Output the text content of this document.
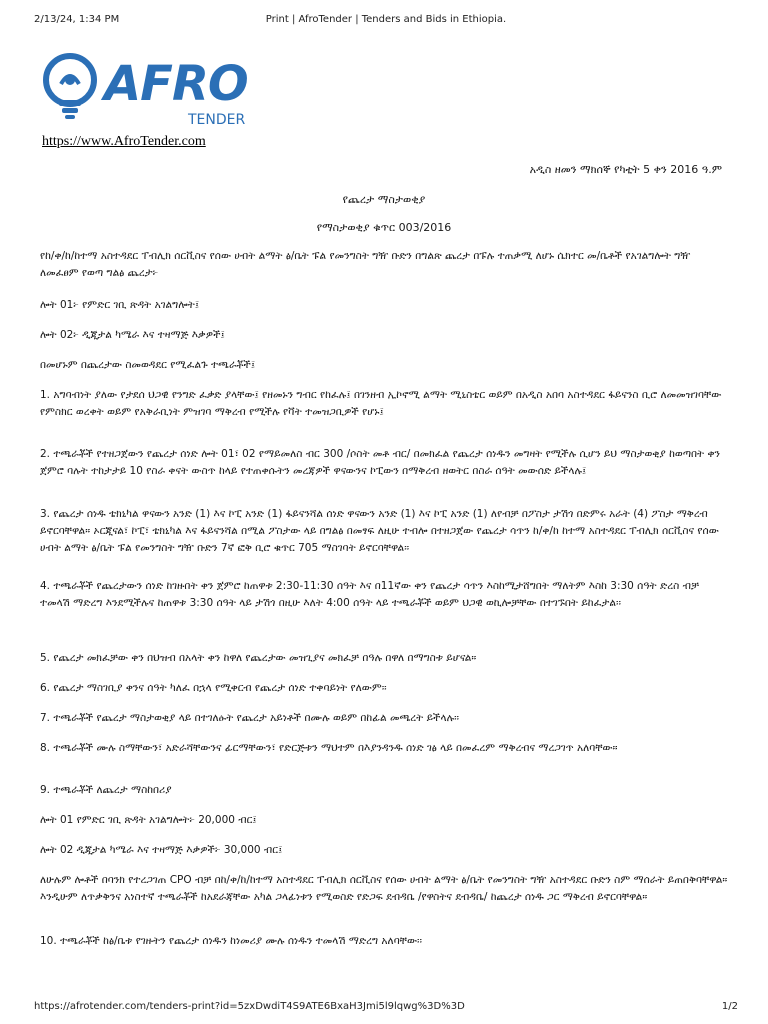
2/13/24, 1:34 PM	Print | AfroTender | Tenders and Bids in Ethiopia.
AFRO
TENDER
https://www.AfroTender.com
አዲስ ዘመን ማክሰኞ የካቲት 5 ቀን 2016 ዓ.ም
የጨረታ ማስታወቂያ
የማስታወቂያ ቁጥር 003/2016

የከ/ቀ/ከ/ከተማ አስተዳደር ፐብሊክ ሰርቪስና የሰው ሀብት ልማት ፅ/ቤት ፑል የመንግስት ግዥ ቡድን በግልጽ ጨረታ በፑሉ ተጠቃሚ ለሆኑ ሴክተር መ/ቤቶች የአገልግሎት ግዥ ለመፈፀም የወጣ ግልፅ ጨረታ፦

ሎት 01፦ የምድር ገቢ ጽዳት አገልግሎት፤

ሎት 02፦ ዲጂታል ካሜራ እና ተዛማጅ እቃዎች፤

በመሆኑም በጨረታው ስመወዳደር የሚፈልጉ ተጫራቾች፤

1. አግባብነት ያለው የታደሰ ህጋዊ የንግድ ፈቃድ ያላቸው፤ የዘመኑን ግብር የከፈሉ፤ በገንዘብ ኢኮኖሚ ልማት ሚኒስቴር ወይም በአዲስ አበባ አስተዳደር ፋይናንስ ቢሮ ለመመዝገባቸው የምስክር ወረቀት ወይም የአቅራቢነት ምዝገባ ማቅረብ የሚችሉ የቫት ተመዝጋቢዎች የሆኑ፤

2. ተጫራቾች የተዘጋጀውን የጨረታ ሰነድ ሎት 01፣ 02 የማይመለስ ብር 300 /ሶስት መቶ ብር/ በመክፈል የጨረታ ሰነዱን መግዛት የሚችሉ ሲሆን ይህ ማስታወቂያ ከወጣበት ቀን ጀምሮ ባሉት ተከታታይ 10 የስራ ቀናት ውስጥ ከላይ የተጠቀሱትን መረጃዎች ዋናውንና ኮፒውን በማቅረብ ዘወትር በስራ ሰዓት መውሰድ ይችላሉ፤

3. የጨረታ ሰነዱ ቴክኒካል ዋናውን አንድ (1) እና ኮፒ አንድ (1) ፋይናንሻል ሰነድ ዋናውን አንድ (1) እና ኮፒ አንድ (1) ለየብቻ በፖስታ ታሽጎ በድምሩ አራት (4) ፖስታ ማቅረብ ይኖርባቸዋል። ኦርጂናል፣ ኮፒ፣ ቴክኒካል እና ፋይናንሻል በሚል ፖስታው ላይ በግልፅ በመፃፍ ለዚሁ ተብሎ በተዘጋጀው የጨረታ ሳጥን ከ/ቀ/ከ ከተማ አስተዳደር ፐብሊክ ሰርቪስና የሰው ሀብት ልማት ፅ/ቤት ፑል የመንግስት ግዥ ቡድን 7ኛ ፎቅ ቢሮ ቁጥር 705 ማስገባት ይኖርባቸዋል፡፡

4. ተጫራቾች የጨረታውን ሰነድ ከገዙበት ቀን ጀምሮ ከጠዋቱ 2:30-11:30 ሰዓት እና በ11ኛው ቀን የጨረታ ሳጥን እስከሚታሸግበት ማለትም እስከ 3:30 ሰዓት ድረስ ብቻ ተመላሽ ማድረግ እንደሚችሉና ከጠዋቱ 3:30 ሰዓት ላይ ታሽጎ በዚሁ እለት 4:00 ሰዓት ላይ ተጫራቾች ወይም ህጋዊ ወኪሎቻቸው በተገኙበት ይከፈታል፡፡

5. የጨረታ መክፈቻው ቀን በህዝብ በአላት ቀን ከዋለ የጨረታው መዝጊያና መክፈቻ በዓሉ በዋለ በማግስቱ ይሆናል።

6. የጨረታ ማስገቢያ ቀንና ሰዓት ካለፈ በኋላ የሚቀርብ የጨረታ ሰነድ ተቀባይነት የለውም፡፡

7. ተጫራቾች የጨረታ ማስታወቂያ ላይ በተገለፁት የጨረታ አይነቶች በሙሉ ወይም በከፊል መጫረት ይችላሉ፡፡

8. ተጫራቾች ሙሉ ስማቸውን፣ አድራሻቸውንና ፊርማቸውን፣ የድርጅቱን ማህተም በእያንዳንዱ ሰነድ ገፅ ላይ በመፈረም ማቅረብና ማረጋገጥ አለባቸው።

9. ተጫራቾች ለጨረታ ማስከበሪያ

ሎት 01 የምድር ገቢ ጽዳት አገልግሎት፦ 20,000 ብር፤

ሎት 02 ዲጂታል ካሜራ እና ተዛማጅ እቃዎች፦ 30,000 ብር፤

ለሁሉም ሎቶች በባንክ የተረጋገጠ CPO ብቻ በከ/ቀ/ከ/ከተማ አስተዳደር ፐብሊክ ሰርቪስና የሰው ሀብት ልማት ፅ/ቤት የመንግስት ግዥ አስተዳደር ቡድን ስም ማሰራት ይጠበቅባቸዋል። እንዲሁም ለጥቃቅንና አነስተኛ ተጫራቾች ከአደራጃቸው አካል ጋላፊነቱን የሚወስድ የድጋፍ ደብዳቤ /የዋስትና ደብዳቤ/ ከጨረታ ሰነዱ ጋር ማቅረብ ይኖርባቸዋል።

10. ተጫራቾች ከፅ/ቤቱ የገዙትን የጨረታ ሰነዱን ከነመሪያ ሙሉ ሰነዱን ተመላሽ ማድረግ አለባቸው፡፡

https://afrotender.com/tenders-print?id=5zxDwdiT4S9ATE6BxaH3Jmi5l9lqwg%3D%3D	1/2
